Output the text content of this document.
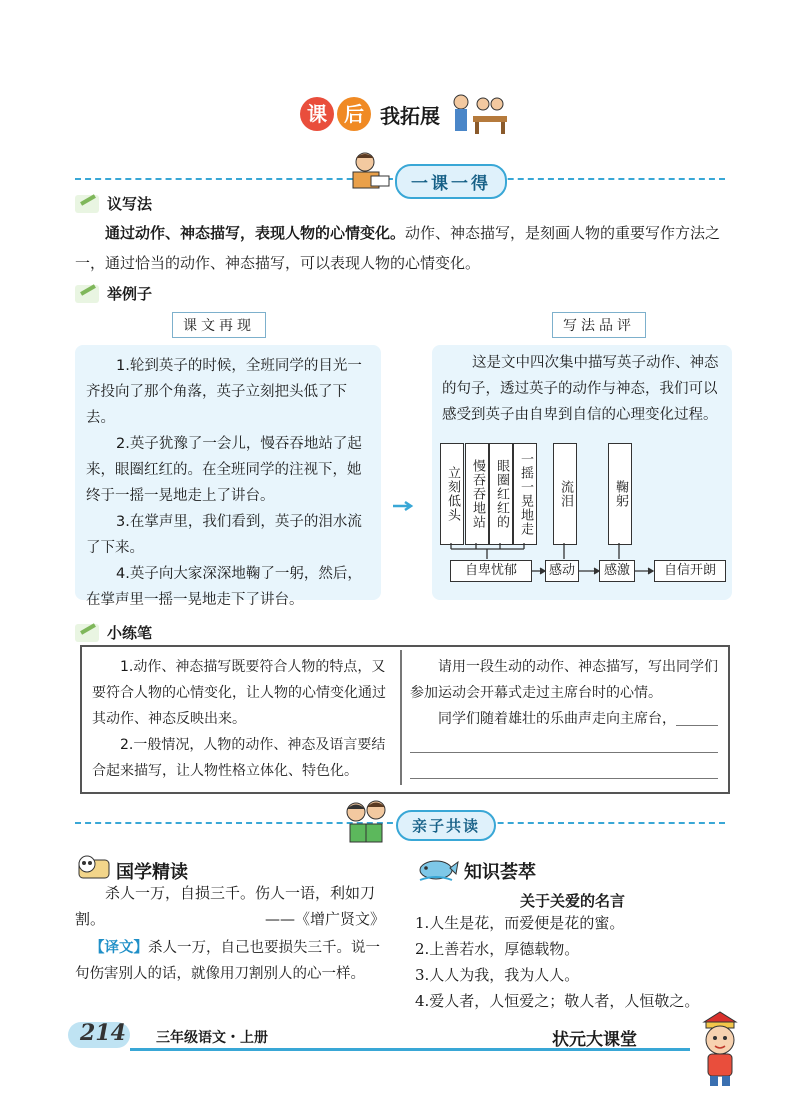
课 后 我拓展
一课一得
议写法
通过动作、神态描写，表现人物的心情变化。动作、神态描写，是刻画人物的重要写作方法之一，通过恰当的动作、神态描写，可以表现人物的心情变化。
举例子
课文再现	写法品评
1.轮到英子的时候，全班同学的目光一齐投向了那个角落，英子立刻把头低了下去。
2.英子犹豫了一会儿，慢吞吞地站了起来，眼圈红红的。在全班同学的注视下，她终于一摇一晃地走上了讲台。
3.在掌声里，我们看到，英子的泪水流了下来。
4.英子向大家深深地鞠了一躬，然后，在掌声里一摇一晃地走下了讲台。
这是文中四次集中描写英子动作、神态的句子，透过英子的动作与神态，我们可以感受到英子由自卑到自信的心理变化过程。
立刻低头 慢吞吞地站 眼圈红红的 一摇一晃地走	流泪	鞠躬
自卑忧郁	感动	感激	自信开朗
小练笔
1.动作、神态描写既要符合人物的特点，又要符合人物的心情变化，让人物的心情变化通过其动作、神态反映出来。
2.一般情况，人物的动作、神态及语言要结合起来描写，让人物性格立体化、特色化。
请用一段生动的动作、神态描写，写出同学们参加运动会开幕式走过主席台时的心情。
同学们随着雄壮的乐曲声走向主席台，
亲子共读
国学精读
杀人一万，自损三千。伤人一语，利如刀割。	——《增广贤文》
【译文】杀人一万，自己也要损失三千。说一句伤害别人的话，就像用刀割别人的心一样。
知识荟萃
关于关爱的名言
1.人生是花，而爱便是花的蜜。
2.上善若水，厚德载物。
3.人人为我，我为人人。
4.爱人者，人恒爱之；敬人者，人恒敬之。
214 三年级语文・上册	状元大课堂
